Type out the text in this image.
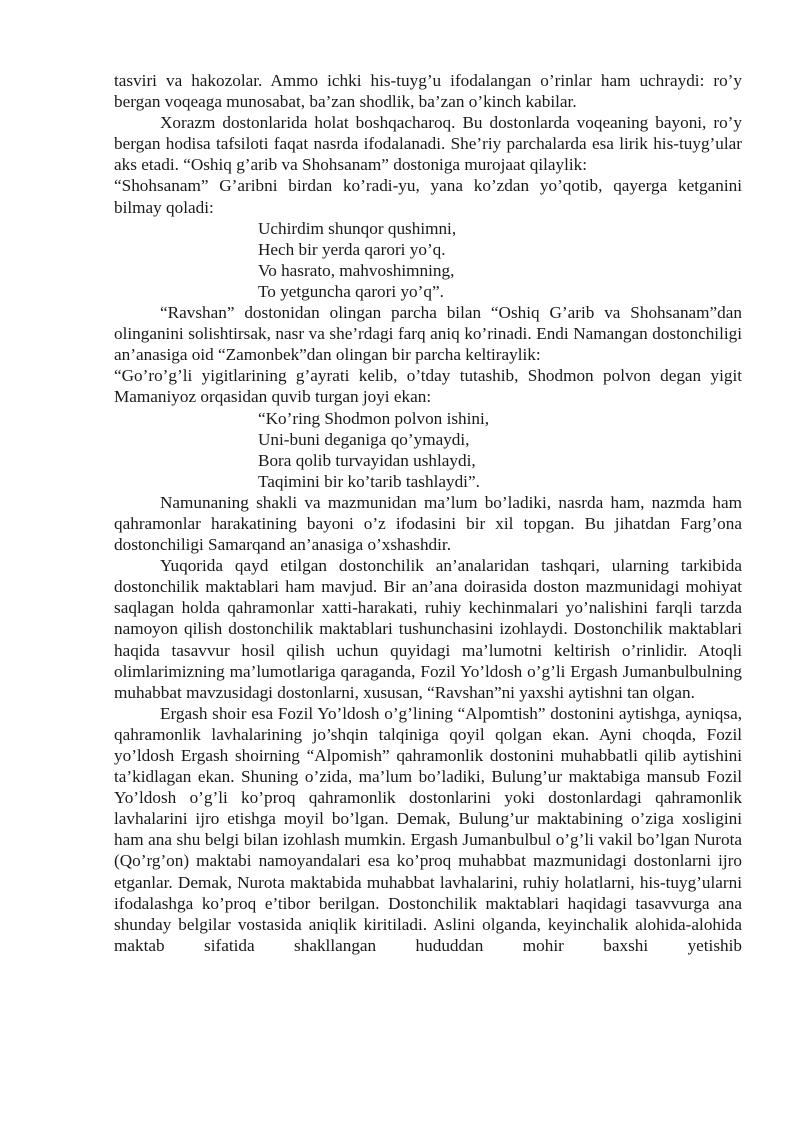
tasviri va hakozolar. Ammo ichki his-tuyg’u ifodalangan o’rinlar ham uchraydi: ro’y bergan voqeaga munosabat, ba’zan shodlik, ba’zan o’kinch kabilar.

Xorazm dostonlarida holat boshqacharoq. Bu dostonlarda voqeaning bayoni, ro’y bergan hodisa tafsiloti faqat nasrda ifodalanadi. She’riy parchalarda esa lirik his-tuyg’ular aks etadi. “Oshiq g’arib va Shohsanam” dostoniga murojaat qilaylik:

“Shohsanam” G’aribni birdan ko’radi-yu, yana ko’zdan yo’qotib, qayerga ketganini bilmay qoladi:

Uchirdim shunqor qushimni,
Hech bir yerda qarori yo’q.
Vo hasrato, mahvoshimning,
To yetguncha qarori yo’q”.

“Ravshan” dostonidan olingan parcha bilan “Oshiq G’arib va Shohsanam”dan olinganini solishtirsak, nasr va she’rdagi farq aniq ko’rinadi. Endi Namangan dostonchiligi an’anasiga oid “Zamonbek”dan olingan bir parcha keltiraylik:

“Go’ro’g’li yigitlarining g’ayrati kelib, o’tday tutashib, Shodmon polvon degan yigit Mamaniyoz orqasidan quvib turgan joyi ekan:

“Ko’ring Shodmon polvon ishini,
Uni-buni deganiga qo’ymaydi,
Bora qolib turvayidan ushlaydi,
Taqimini bir ko’tarib tashlaydi”.

Namunaning shakli va mazmunidan ma’lum bo’ladiki, nasrda ham, nazmda ham qahramonlar harakatining bayoni o’z ifodasini bir xil topgan. Bu jihatdan Farg’ona dostonchiligi Samarqand an’anasiga o’xshashdir.

Yuqorida qayd etilgan dostonchilik an’analaridan tashqari, ularning tarkibida dostonchilik maktablari ham mavjud. Bir an’ana doirasida doston mazmunidagi mohiyat saqlagan holda qahramonlar xatti-harakati, ruhiy kechinmalari yo’nalishini farqli tarzda namoyon qilish dostonchilik maktablari tushunchasini izohlaydi. Dostonchilik maktablari haqida tasavvur hosil qilish uchun quyidagi ma’lumotni keltirish o’rinlidir. Atoqli olimlarimizning ma’lumotlariga qaraganda, Fozil Yo’ldosh o’g’li Ergash Jumanbulbulning muhabbat mavzusidagi dostonlarni, xususan, “Ravshan”ni yaxshi aytishni tan olgan.

Ergash shoir esa Fozil Yo’ldosh o’g’lining “Alpomtish” dostonini aytishga, ayniqsa, qahramonlik lavhalarining jo’shqin talqiniga qoyil qolgan ekan. Ayni choqda, Fozil yo’ldosh Ergash shoirning “Alpomish” qahramonlik dostonini muhabbatli qilib aytishini ta’kidlagan ekan. Shuning o’zida, ma’lum bo’ladiki, Bulung’ur maktabiga mansub Fozil Yo’ldosh o’g’li ko’proq qahramonlik dostonlarini yoki dostonlardagi qahramonlik lavhalarini ijro etishga moyil bo’lgan. Demak, Bulung’ur maktabining o’ziga xosligini ham ana shu belgi bilan izohlash mumkin. Ergash Jumanbulbul o’g’li vakil bo’lgan Nurota (Qo’rg’on) maktabi namoyandalari esa ko’proq muhabbat mazmunidagi dostonlarni ijro etganlar. Demak, Nurota maktabida muhabbat lavhalarini, ruhiy holatlarni, his-tuyg’ularni ifodalashga ko’proq e’tibor berilgan. Dostonchilik maktablari haqidagi tasavvurga ana shunday belgilar vostasida aniqlik kiritiladi. Aslini olganda, keyinchalik alohida-alohida maktab sifatida shakllangan hududdan mohir baxshi yetishib
